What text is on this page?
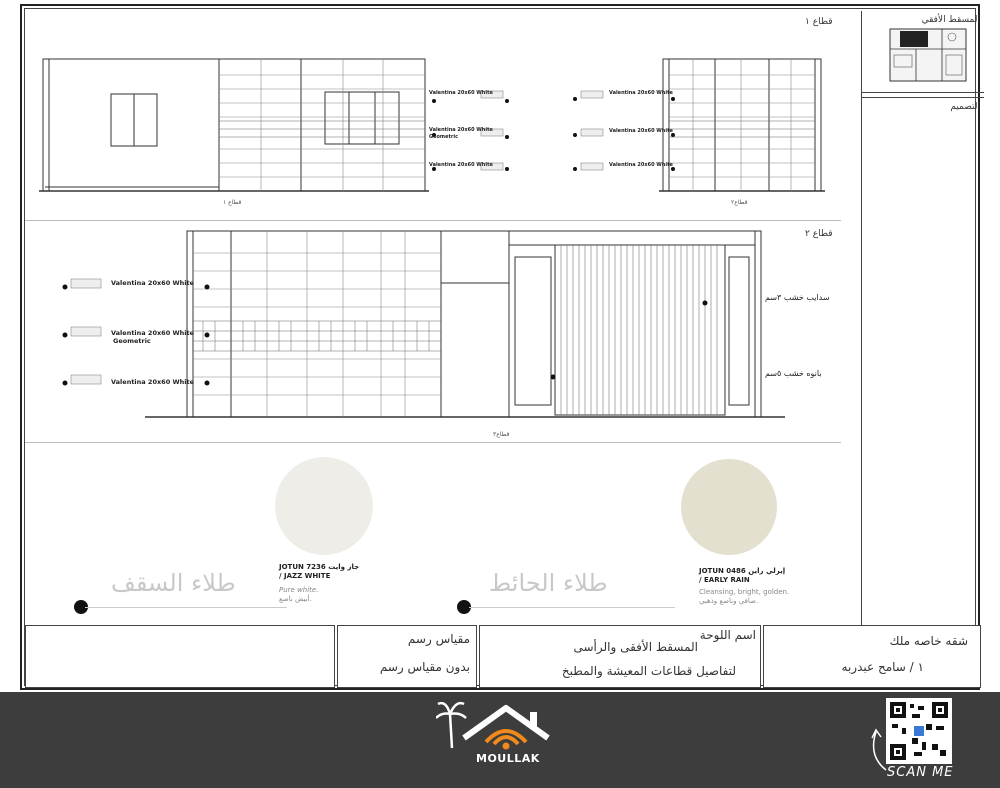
قطاع ١
قطاع ١	قطاع٢
Valentina 20x60 White
Valentina 20x60 White
Geometric
Valentina 20x60 White
Valentina 20x60 White
Valentina 20x60 White
Valentina 20x60 White
قطاع ٢
قطاع٣
Valentina 20x60 White
Valentina 20x60 White
Geometric
Valentina 20x60 White
سدايب خشب ٣سم
بانوه خشب ٥سم
JOTUN 7236 جاز وايت
/ JAZZ WHITE
Pure white.
أبيض ناصع.
طلاء السقف	JOTUN 0486 إيرلي راين
/ EARLY RAIN
Cleansing, bright, golden.
صافي وناصع وذهبي.
طلاء الحائط
المسقط الأفقي
التصميم
مقياس رسم
بدون مقياس رسم
اسم اللوحة
المسقط الأفقى والرأسى
لتفاصيل قطاعات المعيشة والمطبخ
شقه خاصه ملك
١ / سامح عبدربه
MOULLAK
SCAN ME
